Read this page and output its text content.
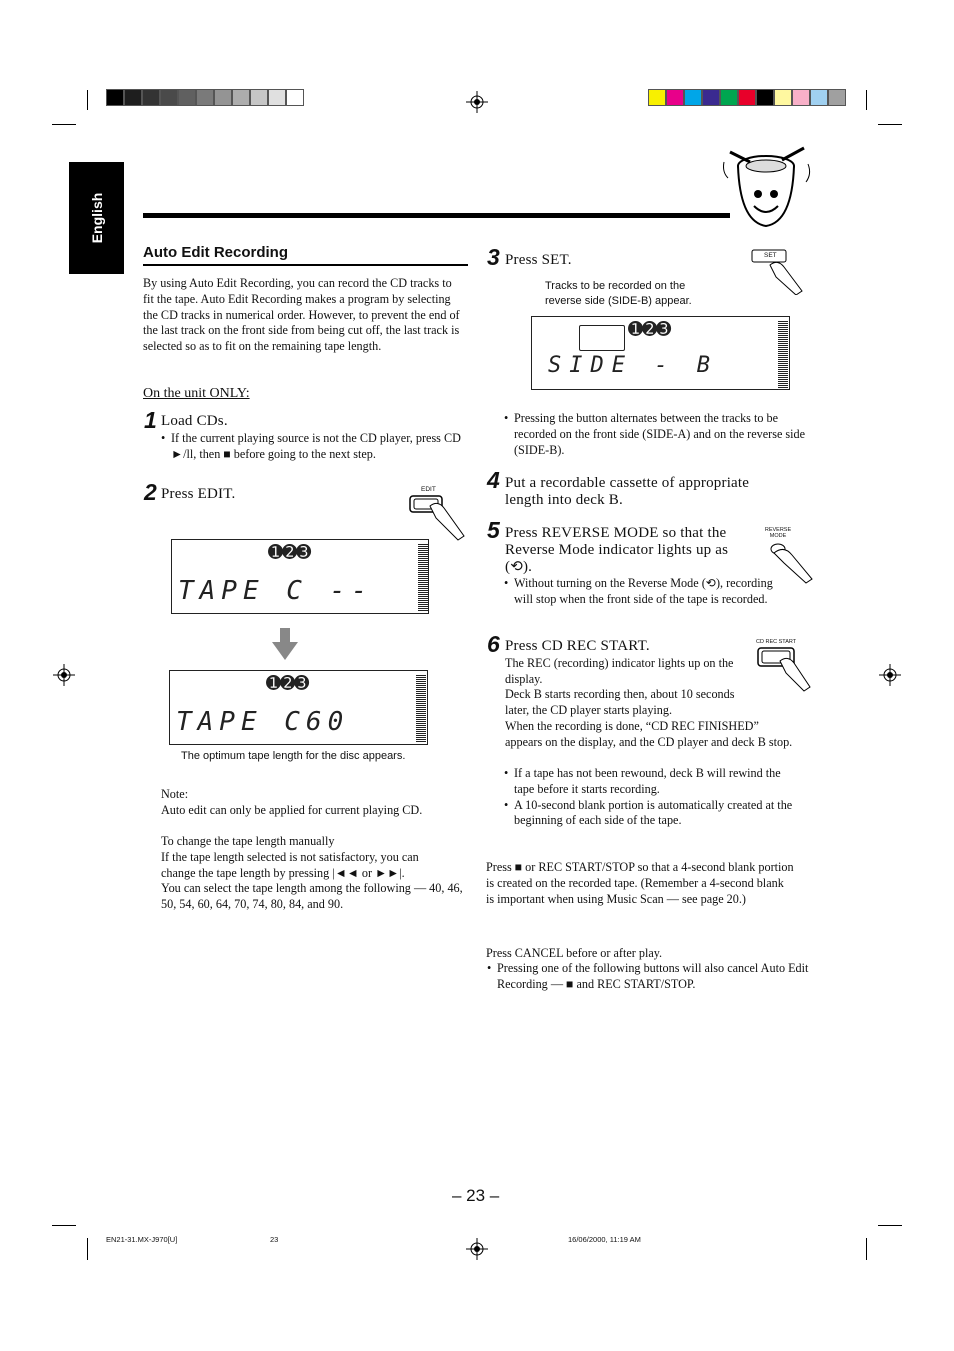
English
Auto Edit Recording
By using Auto Edit Recording, you can record the CD tracks to fit the tape. Auto Edit Recording makes a program by selecting the CD tracks in numerical order. However, to prevent the end of the last track on the front side from being cut off, the last track is selected so as to fit on the remaining tape length.
On the unit ONLY:
1 Load CDs.
• If the current playing source is not the CD player, press CD ►/ll, then ■ before going to the next step.
2 Press EDIT.	EDIT
➊➋➌
TAPE C --
➊➋➌
TAPE C60
The optimum tape length for the disc appears.
Note:
Auto edit can only be applied for current playing CD.
To change the tape length manually
If the tape length selected is not satisfactory, you can change the tape length by pressing |◄◄ or ►►|.
You can select the tape length among the following — 40, 46, 50, 54, 60, 64, 70, 74, 80, 84, and 90.
3 Press SET.	SET
Tracks to be recorded on the reverse side (SIDE-B) appear.
➊➋➌
SIDE - B
• Pressing the button alternates between the tracks to be recorded on the front side (SIDE-A) and on the reverse side (SIDE-B).
4 Put a recordable cassette of appropriate length into deck B.
5 Press REVERSE MODE so that the Reverse Mode indicator lights up as (⟲).
REVERSE MODE
• Without turning on the Reverse Mode (⟲), recording will stop when the front side of the tape is recorded.
6 Press CD REC START.	CD REC START
The REC (recording) indicator lights up on the display.
Deck B starts recording then, about 10 seconds later, the CD player starts playing.
When the recording is done, “CD REC FINISHED” appears on the display, and the CD player and deck B stop.
• If a tape has not been rewound, deck B will rewind the tape before it starts recording.
• A 10-second blank portion is automatically created at the beginning of each side of the tape.
Press ■ or REC START/STOP so that a 4-second blank portion is created on the recorded tape. (Remember a 4-second blank is important when using Music Scan — see page 20.)
Press CANCEL before or after play.
• Pressing one of the following buttons will also cancel Auto Edit Recording — ■ and REC START/STOP.
– 23 –
EN21-31.MX-J970[U]	23	16/06/2000, 11:19 AM
